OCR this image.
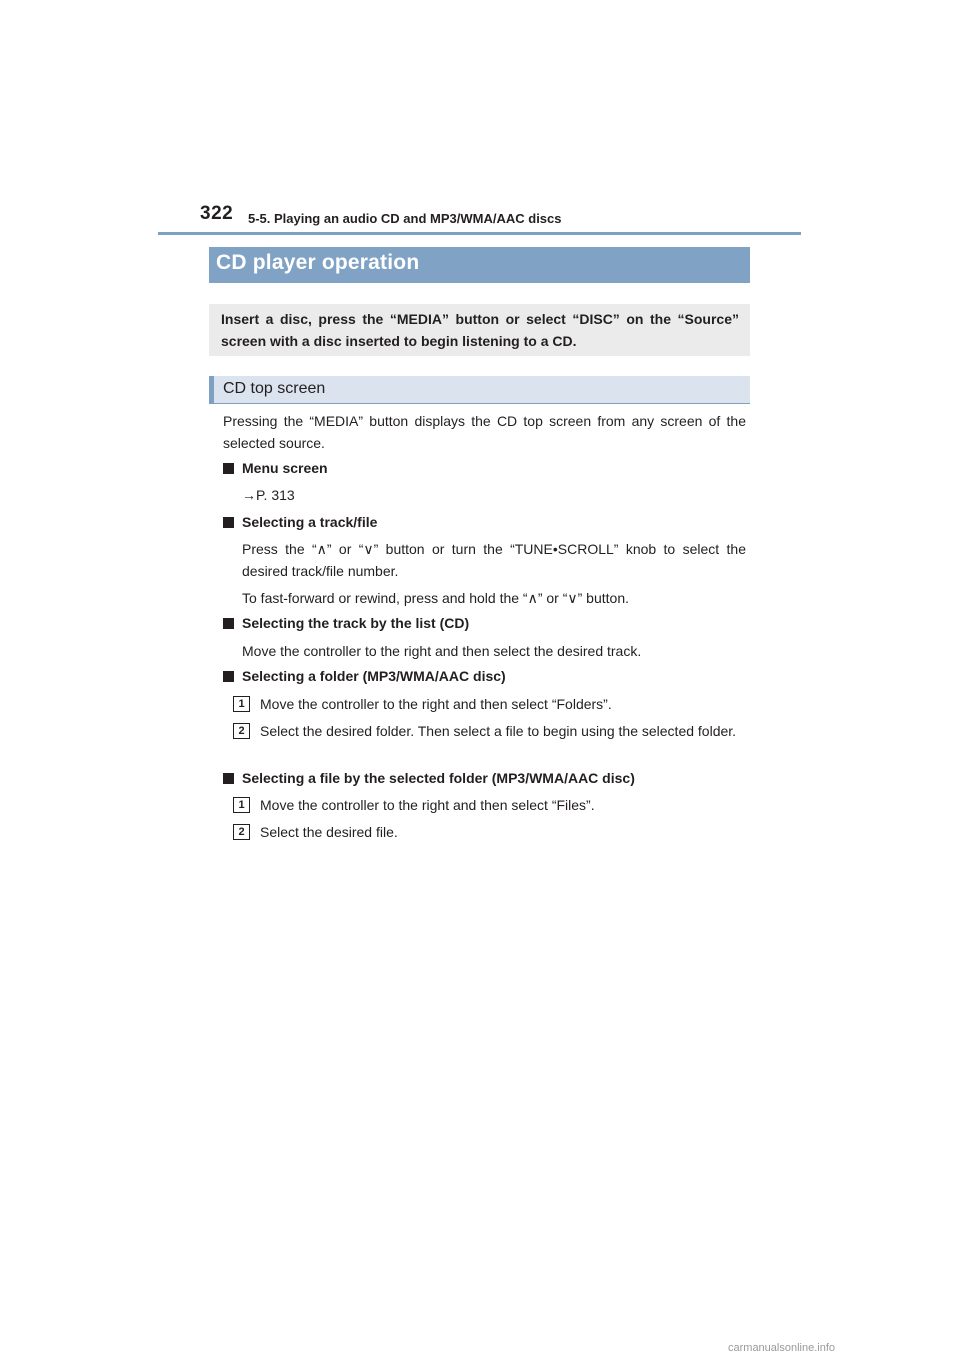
322 5-5. Playing an audio CD and MP3/WMA/AAC discs
CD player operation

Insert a disc, press the “MEDIA” button or select “DISC” on the “Source” screen with a disc inserted to begin listening to a CD.

CD top screen
Pressing the “MEDIA” button displays the CD top screen from any screen of the selected source.
Menu screen
→P. 313
Selecting a track/file
Press the “∧” or “∨” button or turn the “TUNE•SCROLL” knob to select the desired track/file number.
To fast-forward or rewind, press and hold the “∧” or “∨” button.
Selecting the track by the list (CD)
Move the controller to the right and then select the desired track.
Selecting a folder (MP3/WMA/AAC disc)
1	Move the controller to the right and then select “Folders”.
2	Select the desired folder. Then select a file to begin using the selected folder.
Selecting a file by the selected folder (MP3/WMA/AAC disc)
1	Move the controller to the right and then select “Files”.
2	Select the desired file.
carmanualsonline.info
